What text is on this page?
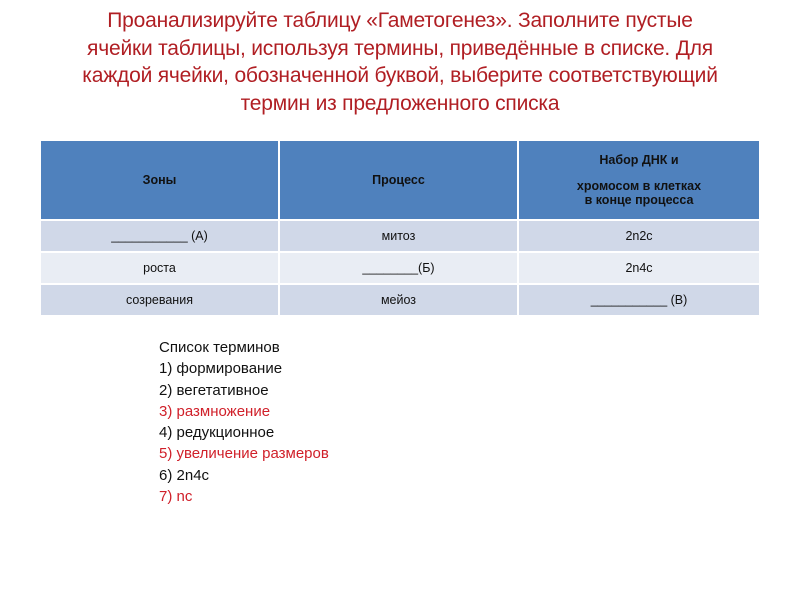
Проанализируйте таблицу «Гаметогенез». Заполните пустые
ячейки таблицы, используя термины, приведённые в списке. Для
каждой ячейки, обозначенной буквой, выберите соответствующий
термин из предложенного списка
Зоны	Процесс	Набор ДНК и
хромосом в клетках
в конце процесса

___________ (А)	митоз	2n2c
роста	________(Б)	2n4c
созревания	мейоз	___________ (В)
Список терминов
1) формирование
2) вегетативное
3) размножение
4) редукционное
5) увеличение размеров
6) 2n4c
7) nc
